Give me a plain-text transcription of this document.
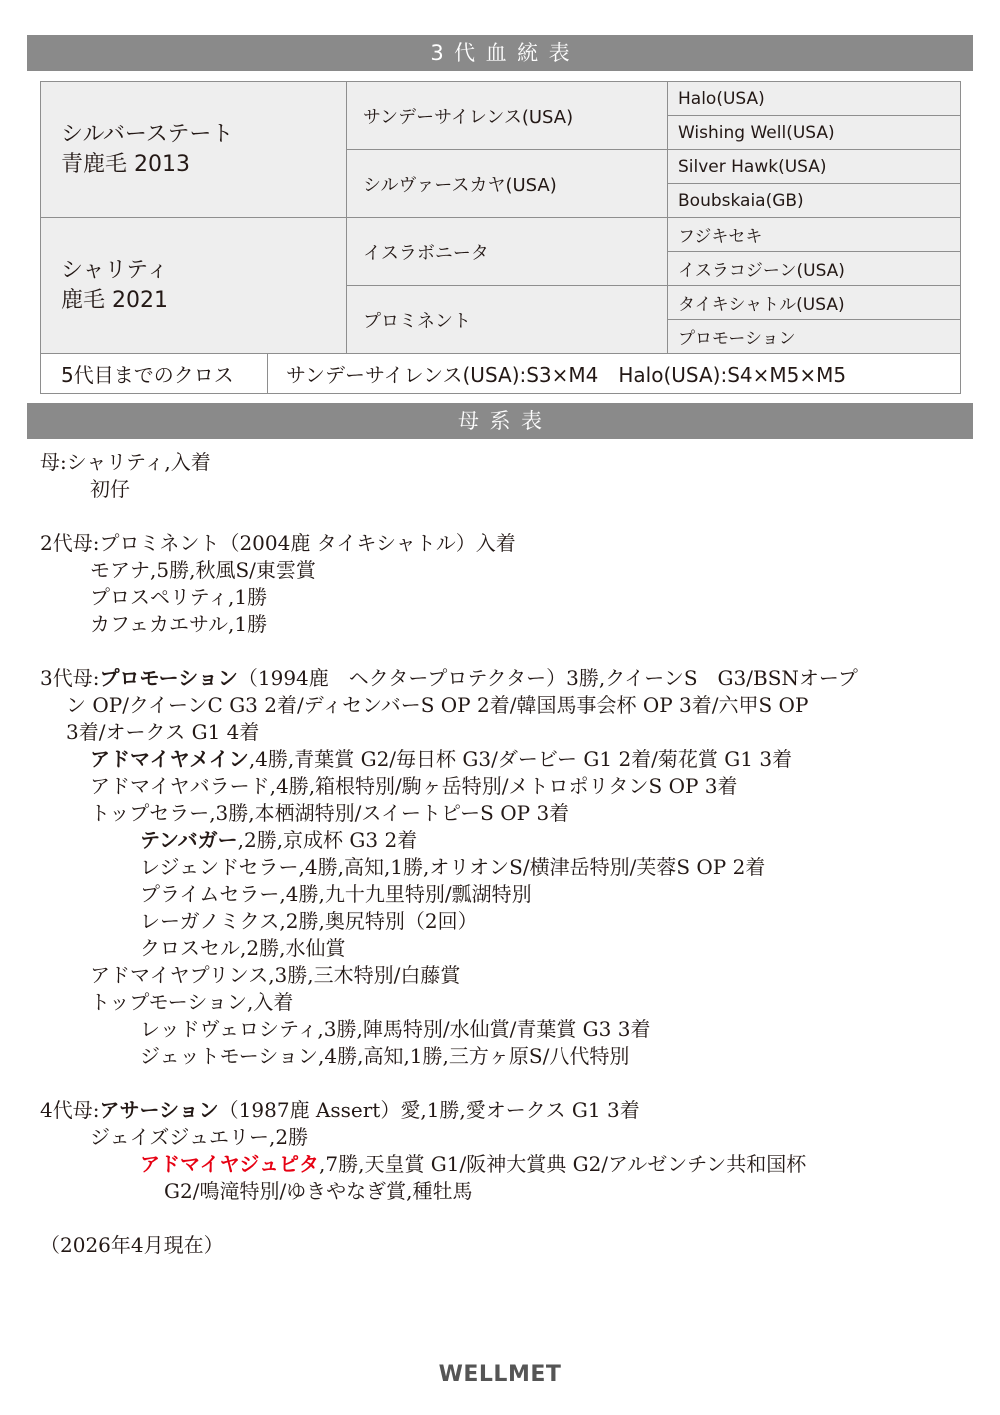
3代血統表
シルバーステート
青鹿毛 2013		サンデーサイレンス(USA)	Halo(USA)
			Wishing Well(USA)
		シルヴァースカヤ(USA)	Silver Hawk(USA)
			Boubskaia(GB)

シャリティ
鹿毛 2021		イスラボニータ	フジキセキ
			イスラコジーン(USA)
		プロミネント	タイキシャトル(USA)
			プロモーション
5代目までのクロス	サンデーサイレンス(USA):S3×M4　Halo(USA):S4×M5×M5		
母系表

母:シャリティ,入着

初仔

2代母:プロミネント（2004鹿 タイキシャトル）入着

モアナ,5勝,秋風S/東雲賞

プロスペリティ,1勝

カフェカエサル,1勝

3代母:プロモーション（1994鹿　ヘクタープロテクター）3勝,クイーンS　G3/BSNオープ

ン OP/クイーンC G3 2着/ディセンバーS OP 2着/韓国馬事会杯 OP 3着/六甲S OP

3着/オークス G1 4着

アドマイヤメイン,4勝,青葉賞 G2/毎日杯 G3/ダービー G1 2着/菊花賞 G1 3着

アドマイヤバラード,4勝,箱根特別/駒ヶ岳特別/メトロポリタンS OP 3着

トップセラー,3勝,本栖湖特別/スイートピーS OP 3着

テンバガー,2勝,京成杯 G3 2着

レジェンドセラー,4勝,高知,1勝,オリオンS/横津岳特別/芙蓉S OP 2着

プライムセラー,4勝,九十九里特別/瓢湖特別

レーガノミクス,2勝,奥尻特別（2回）

クロスセル,2勝,水仙賞

アドマイヤプリンス,3勝,三木特別/白藤賞

トップモーション,入着

レッドヴェロシティ,3勝,陣馬特別/水仙賞/青葉賞 G3 3着

ジェットモーション,4勝,高知,1勝,三方ヶ原S/八代特別

4代母:アサーション（1987鹿 Assert）愛,1勝,愛オークス G1 3着

ジェイズジュエリー,2勝

アドマイヤジュピタ,7勝,天皇賞 G1/阪神大賞典 G2/アルゼンチン共和国杯

G2/鳴滝特別/ゆきやなぎ賞,種牡馬

（2026年4月現在）

WELLMET
